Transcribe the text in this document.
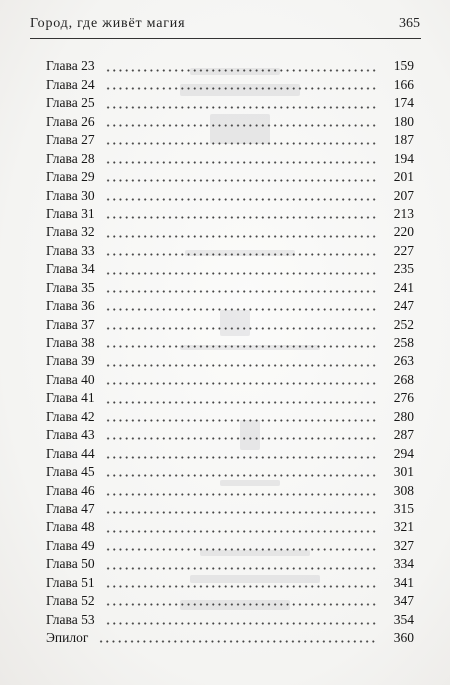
Город, где живёт магия	365
Глава 23	159
Глава 24	166
Глава 25	174
Глава 26	180
Глава 27	187
Глава 28	194
Глава 29	201
Глава 30	207
Глава 31	213
Глава 32	220
Глава 33	227
Глава 34	235
Глава 35	241
Глава 36	247
Глава 37	252
Глава 38	258
Глава 39	263
Глава 40	268
Глава 41	276
Глава 42	280
Глава 43	287
Глава 44	294
Глава 45	301
Глава 46	308
Глава 47	315
Глава 48	321
Глава 49	327
Глава 50	334
Глава 51	341
Глава 52	347
Глава 53	354
Эпилог	360
